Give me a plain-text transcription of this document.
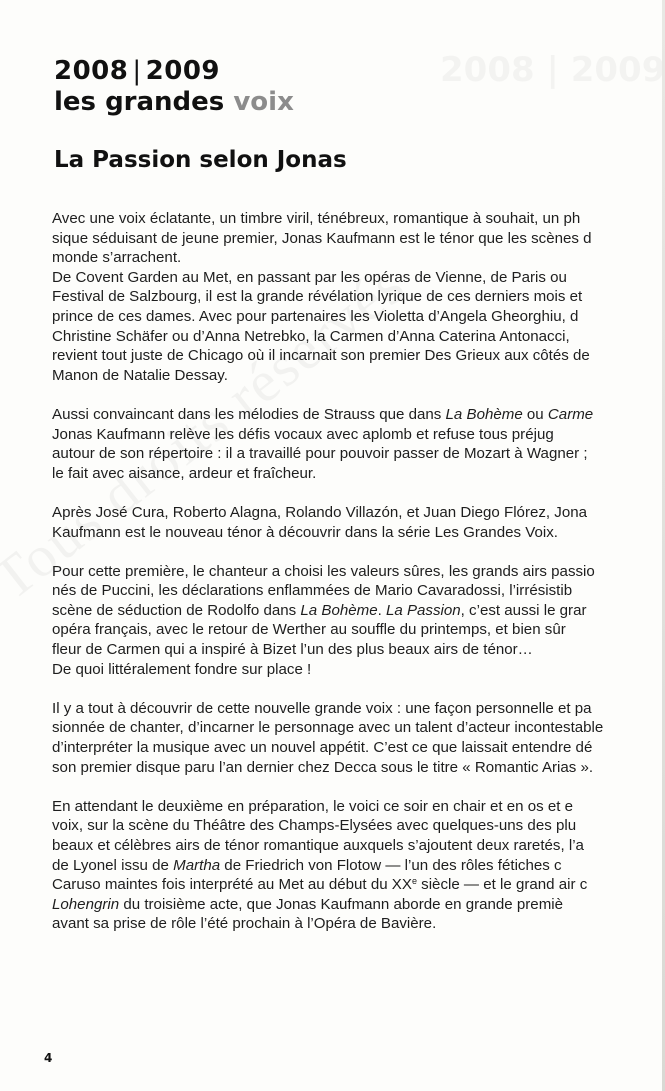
2008 | 2009
les grandes voix
La Passion selon Jonas
Avec une voix éclatante, un timbre viril, ténébreux, romantique à souhait, un ph
sique séduisant de jeune premier, Jonas Kaufmann est le ténor que les scènes d
monde s’arrachent.
De Covent Garden au Met, en passant par les opéras de Vienne, de Paris ou
Festival de Salzbourg, il est la grande révélation lyrique de ces derniers mois et
prince de ces dames. Avec pour partenaires les Violetta d’Angela Gheorghiu, d
Christine Schäfer ou d’Anna Netrebko, la Carmen d’Anna Caterina Antonacci,
revient tout juste de Chicago où il incarnait son premier Des Grieux aux côtés de
Manon de Natalie Dessay.
Aussi convaincant dans les mélodies de Strauss que dans La Bohème ou Carme
Jonas Kaufmann relève les défis vocaux avec aplomb et refuse tous préjug
autour de son répertoire : il a travaillé pour pouvoir passer de Mozart à Wagner ;
le fait avec aisance, ardeur et fraîcheur.
Après José Cura, Roberto Alagna, Rolando Villazón, et Juan Diego Flórez, Jona
Kaufmann est le nouveau ténor à découvrir dans la série Les Grandes Voix.
Pour cette première, le chanteur a choisi les valeurs sûres, les grands airs passio
nés de Puccini, les déclarations enflammées de Mario Cavaradossi, l’irrésistib
scène de séduction de Rodolfo dans La Bohème. La Passion, c’est aussi le grar
opéra français, avec le retour de Werther au souffle du printemps, et bien sûr
fleur de Carmen qui a inspiré à Bizet l’un des plus beaux airs de ténor…
De quoi littéralement fondre sur place !
Il y a tout à découvrir de cette nouvelle grande voix : une façon personnelle et pa
sionnée de chanter, d’incarner le personnage avec un talent d’acteur incontestable
d’interpréter la musique avec un nouvel appétit. C’est ce que laissait entendre dé
son premier disque paru l’an dernier chez Decca sous le titre « Romantic Arias ».
En attendant le deuxième en préparation, le voici ce soir en chair et en os et e
voix, sur la scène du Théâtre des Champs-Elysées avec quelques-uns des plu
beaux et célèbres airs de ténor romantique auxquels s’ajoutent deux raretés, l’a
de Lyonel issu de Martha de Friedrich von Flotow — l’un des rôles fétiches c
Caruso maintes fois interprété au Met au début du XXe siècle — et le grand air c
Lohengrin du troisième acte, que Jonas Kaufmann aborde en grande premiè
avant sa prise de rôle l’été prochain à l’Opéra de Bavière.
4
